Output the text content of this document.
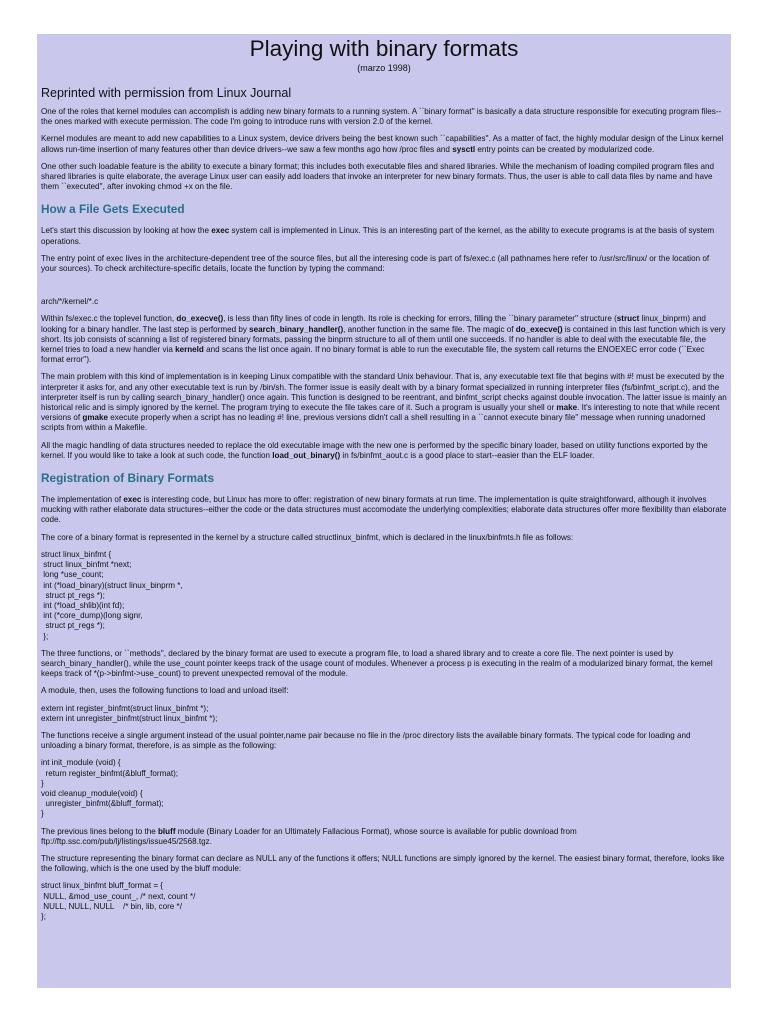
Playing with binary formats
(marzo 1998)
Reprinted with permission from Linux Journal

One of the roles that kernel modules can accomplish is adding new binary formats to a running system. A ``binary format'' is basically a data structure responsible for executing program files--the ones marked with execute permission. The code I'm going to introduce runs with version 2.0 of the kernel.

Kernel modules are meant to add new capabilities to a Linux system, device drivers being the best known such ``capabilities''. As a matter of fact, the highly modular design of the Linux kernel allows run-time insertion of many features other than device drivers--we saw a few months ago how /proc files and sysctl entry points can be created by modularized code.

One other such loadable feature is the ability to execute a binary format; this includes both executable files and shared libraries. While the mechanism of loading compiled program files and shared libraries is quite elaborate, the average Linux user can easily add loaders that invoke an interpreter for new binary formats. Thus, the user is able to call data files by name and have them ``executed'', after invoking chmod +x on the file.

How a File Gets Executed

Let's start this discussion by looking at how the exec system call is implemented in Linux. This is an interesting part of the kernel, as the ability to execute programs is at the basis of system operations.

The entry point of exec lives in the architecture-dependent tree of the source files, but all the interesing code is part of fs/exec.c (all pathnames here refer to /usr/src/linux/ or the location of your sources). To check architecture-specific details, locate the function by typing the command:

arch/*/kernel/*.c

Within fs/exec.c the toplevel function, do_execve(), is less than fifty lines of code in length. Its role is checking for errors, filling the ``binary parameter'' structure (struct linux_binprm) and looking for a binary handler. The last step is performed by search_binary_handler(), another function in the same file. The magic of do_execve() is contained in this last function which is very short. Its job consists of scanning a list of registered binary formats, passing the binprm structure to all of them until one succeeds. If no handler is able to deal with the executable file, the kernel tries to load a new handler via kerneld and scans the list once again. If no binary format is able to run the executable file, the system call returns the ENOEXEC error code (``Exec format error'').

The main problem with this kind of implementation is in keeping Linux compatible with the standard Unix behaviour. That is, any executable text file that begins with #! must be executed by the interpreter it asks for, and any other executable text is run by /bin/sh. The former issue is easily dealt with by a binary format specialized in running interpreter files (fs/binfmt_script.c), and the interpreter itself is run by calling search_binary_handler() once again. This function is designed to be reentrant, and binfmt_script checks against double invocation. The latter issue is mainly an historical relic and is simply ignored by the kernel. The program trying to execute the file takes care of it. Such a program is usually your shell or make. It's interesting to note that while recent versions of gmake execute properly when a script has no leading #! line, previous versions didn't call a shell resulting in a ``cannot execute binary file'' message when running unadorned scripts from within a Makefile.

All the magic handling of data structures needed to replace the old executable image with the new one is performed by the specific binary loader, based on utility functions exported by the kernel. If you would like to take a look at such code, the function load_out_binary() in fs/binfmt_aout.c is a good place to start--easier than the ELF loader.

Registration of Binary Formats

The implementation of exec is interesting code, but Linux has more to offer: registration of new binary formats at run time. The implementation is quite straightforward, although it involves mucking with rather elaborate data structures--either the code or the data structures must accomodate the underlying complexities; elaborate data structures offer more flexibility than elaborate code.

The core of a binary format is represented in the kernel by a structure called structlinux_binfmt, which is declared in the linux/binfmts.h file as follows:

struct linux_binfmt {
struct linux_binfmt *next;
long *use_count;
int (*load_binary)(struct linux_binprm *,
struct pt_regs *);
int (*load_shlib)(int fd);
int (*core_dump)(long signr,
struct pt_regs *);
};

The three functions, or ``methods'', declared by the binary format are used to execute a program file, to load a shared library and to create a core file. The next pointer is used by search_binary_handler(), while the use_count pointer keeps track of the usage count of modules. Whenever a process p is executing in the realm of a modularized binary format, the kernel keeps track of *(p->binfmt->use_count) to prevent unexpected removal of the module.

A module, then, uses the following functions to load and unload itself:

extern int register_binfmt(struct linux_binfmt *);
extern int unregister_binfmt(struct linux_binfmt *);

The functions receive a single argument instead of the usual pointer,name pair because no file in the /proc directory lists the available binary formats. The typical code for loading and unloading a binary format, therefore, is as simple as the following:

int init_module (void) {
return register_binfmt(&bluff_format);
}
void cleanup_module(void) {
unregister_binfmt(&bluff_format);
}

The previous lines belong to the bluff module (Binary Loader for an Ultimately Fallacious Format), whose source is available for public download from ftp://ftp.ssc.com/pub/lj/listings/issue45/2568.tgz.

The structure representing the binary format can declare as NULL any of the functions it offers; NULL functions are simply ignored by the kernel. The easiest binary format, therefore, looks like the following, which is the one used by the bluff module:

struct linux_binfmt bluff_format = {
NULL, &mod_use_count_, /* next, count */
NULL, NULL, NULL    /* bin, lib, core */
};
